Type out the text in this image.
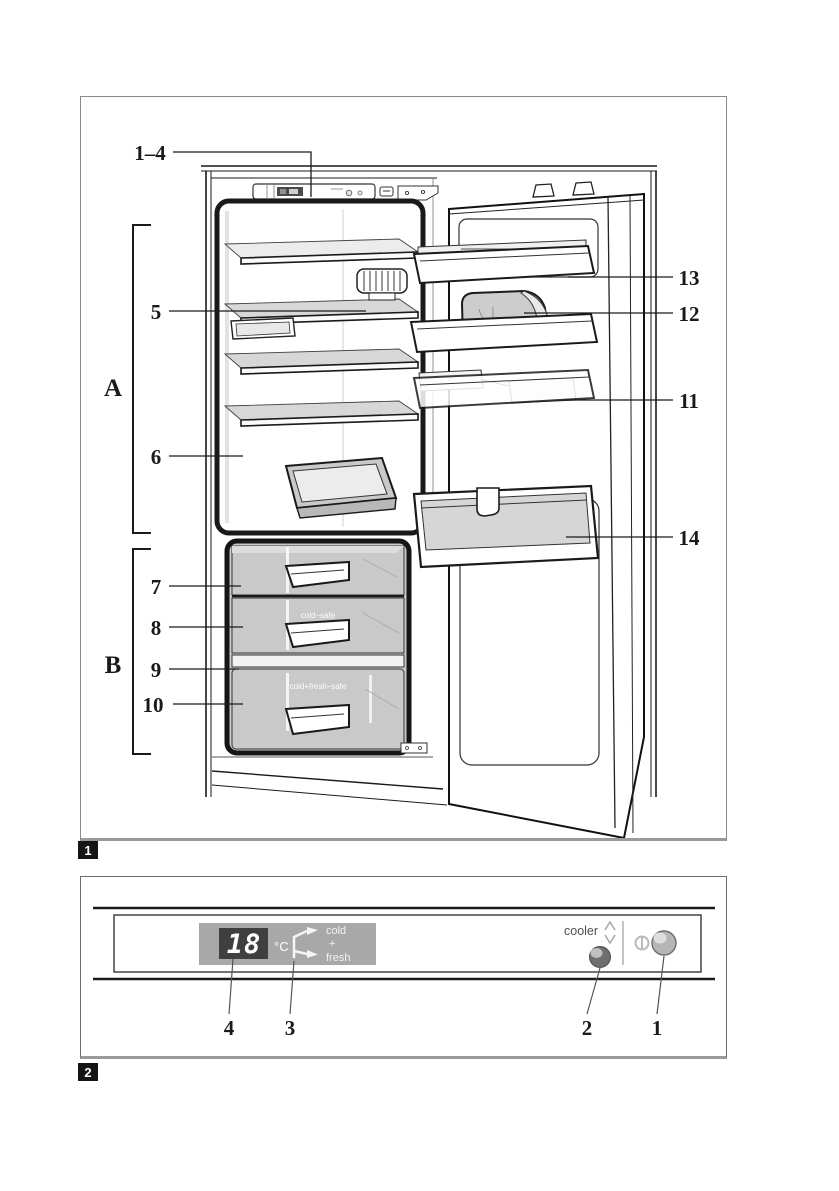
cold–safe
cold+fresh–safe
1–4
A
B
5
6
7
8
9
10
13
12
11
14
1
18 °C
cold
+
fresh
cooler
4 3	2	1
2
